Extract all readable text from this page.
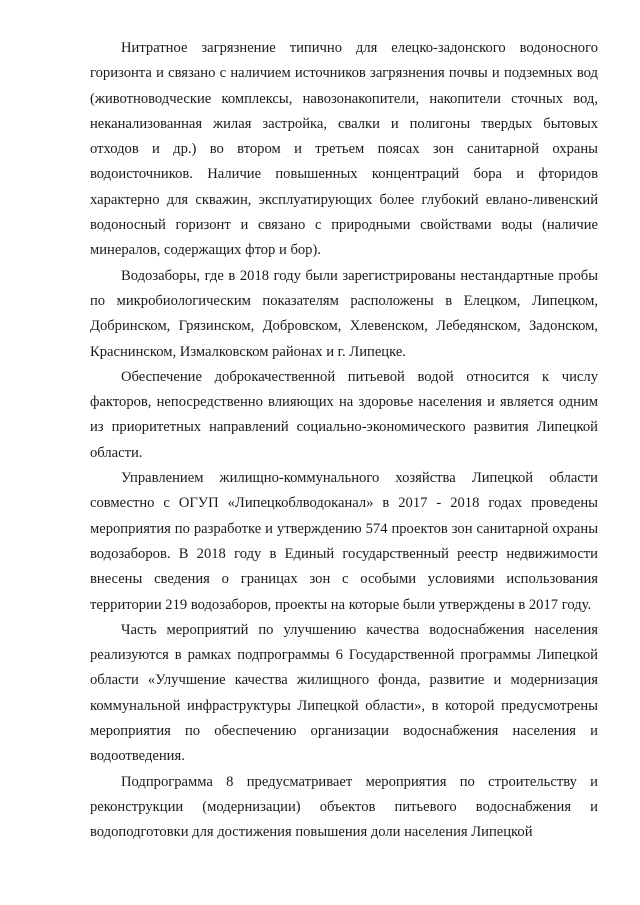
Нитратное загрязнение типично для елецко-задонского водоносного горизонта и связано с наличием источников загрязнения почвы и подземных вод (животноводческие комплексы, навозонакопители, накопители сточных вод, неканализованная жилая застройка, свалки и полигоны твердых бытовых отходов и др.) во втором и третьем поясах зон санитарной охраны водоисточников. Наличие повышенных концентраций бора и фторидов характерно для скважин, эксплуатирующих более глубокий евлано-ливенский водоносный горизонт и связано с природными свойствами воды (наличие минералов, содержащих фтор и бор).

Водозаборы, где в 2018 году были зарегистрированы нестандартные пробы по микробиологическим показателям расположены в Елецком, Липецком, Добринском, Грязинском, Добровском, Хлевенском, Лебедянском, Задонском, Краснинском, Измалковском районах и г. Липецке.

Обеспечение доброкачественной питьевой водой относится к числу факторов, непосредственно влияющих на здоровье населения и является одним из приоритетных направлений социально-экономического развития Липецкой области.

Управлением жилищно-коммунального хозяйства Липецкой области совместно с ОГУП «Липецкоблводоканал» в 2017 - 2018 годах проведены мероприятия по разработке и утверждению 574 проектов зон санитарной охраны водозаборов. В 2018 году в Единый государственный реестр недвижимости внесены сведения о границах зон с особыми условиями использования территории 219 водозаборов, проекты на которые были утверждены в 2017 году.

Часть мероприятий по улучшению качества водоснабжения населения реализуются в рамках подпрограммы 6 Государственной программы Липецкой области «Улучшение качества жилищного фонда, развитие и модернизация коммунальной инфраструктуры Липецкой области», в которой предусмотрены мероприятия по обеспечению организации водоснабжения населения и водоотведения.

Подпрограмма 8 предусматривает мероприятия по строительству и реконструкции (модернизации) объектов питьевого водоснабжения и водоподготовки для достижения повышения доли населения Липецкой
